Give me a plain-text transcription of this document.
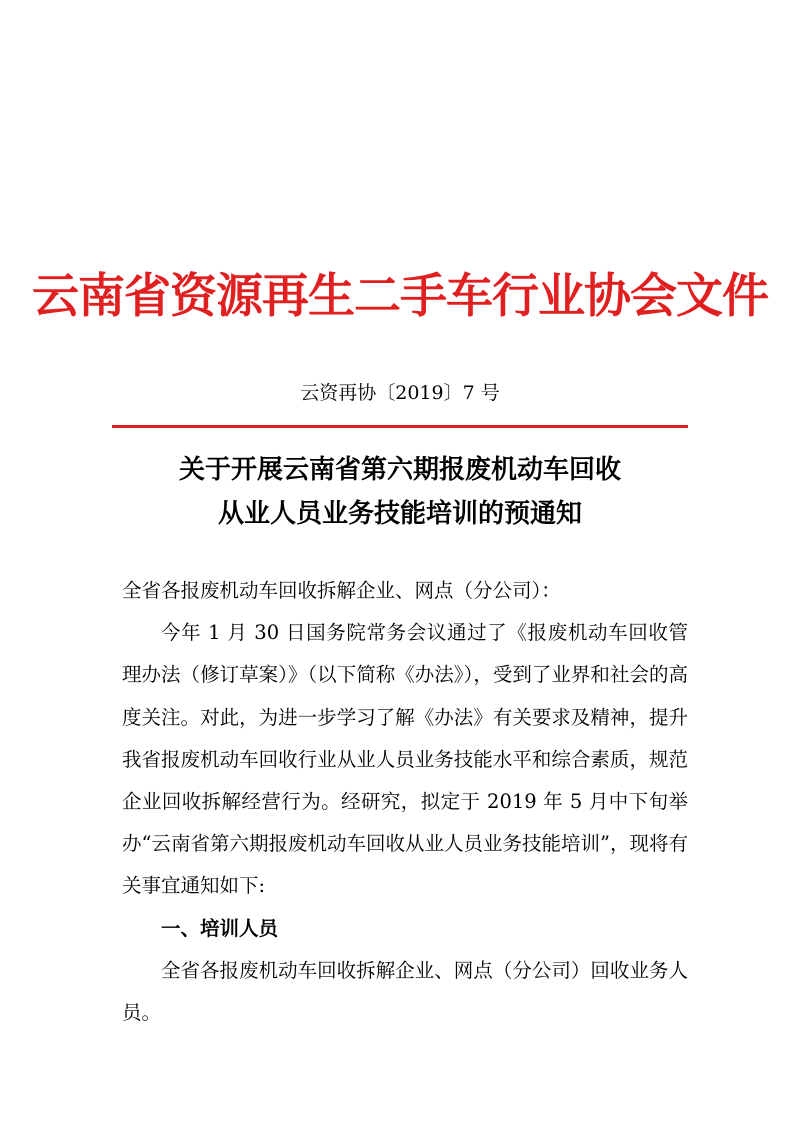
云南省资源再生二手车行业协会文件
云资再协〔2019〕7 号
关于开展云南省第六期报废机动车回收
从业人员业务技能培训的预通知

全省各报废机动车回收拆解企业、网点（分公司）：

今年 1 月 30 日国务院常务会议通过了《报废机动车回收管理办法（修订草案）》（以下简称《办法》），受到了业界和社会的高度关注。对此，为进一步学习了解《办法》有关要求及精神，提升我省报废机动车回收行业从业人员业务技能水平和综合素质，规范企业回收拆解经营行为。经研究，拟定于 2019 年 5 月中下旬举办“云南省第六期报废机动车回收从业人员业务技能培训”，现将有关事宜通知如下:

一、培训人员

全省各报废机动车回收拆解企业、网点（分公司）回收业务人员。
